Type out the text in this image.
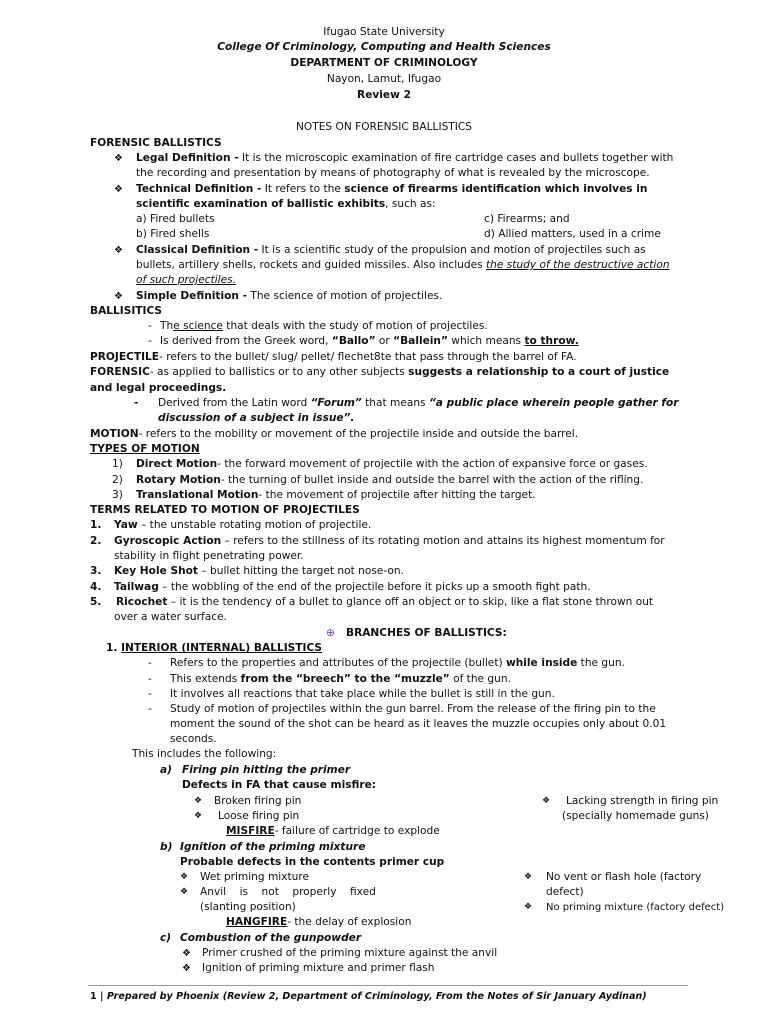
Ifugao State University
College Of Criminology, Computing and Health Sciences
DEPARTMENT OF CRIMINOLOGY
Nayon, Lamut, Ifugao
Review 2
NOTES ON FORENSIC BALLISTICS
FORENSIC BALLISTICS
❖ Legal Definition - It is the microscopic examination of fire cartridge cases and bullets together with
the recording and presentation by means of photography of what is revealed by the microscope.
❖ Technical Definition - It refers to the science of firearms identification which involves in
scientific examination of ballistic exhibits, such as:
a) Fired bullets	c) Firearms; and
b) Fired shells	d) Allied matters, used in a crime
❖ Classical Definition - It is a scientific study of the propulsion and motion of projectiles such as
bullets, artillery shells, rockets and guided missiles. Also includes the study of the destructive action
of such projectiles.
❖ Simple Definition - The science of motion of projectiles.
BALLISITICS
- The science that deals with the study of motion of projectiles.
- Is derived from the Greek word, “Ballo” or “Ballein” which means to throw.
PROJECTILE- refers to the bullet/ slug/ pellet/ flechet8te that pass through the barrel of FA.
FORENSIC- as applied to ballistics or to any other subjects suggests a relationship to a court of justice
and legal proceedings.
- Derived from the Latin word “Forum” that means “a public place wherein people gather for
discussion of a subject in issue”.
MOTION- refers to the mobility or movement of the projectile inside and outside the barrel.
TYPES OF MOTION
1) Direct Motion- the forward movement of projectile with the action of expansive force or gases.
2) Rotary Motion- the turning of bullet inside and outside the barrel with the action of the rifling.
3) Translational Motion- the movement of projectile after hitting the target.
TERMS RELATED TO MOTION OF PROJECTILES
1. Yaw – the unstable rotating motion of projectile.
2. Gyroscopic Action – refers to the stillness of its rotating motion and attains its highest momentum for
stability in flight penetrating power.
3. Key Hole Shot – bullet hitting the target not nose-on.
4. Tailwag – the wobbling of the end of the projectile before it picks up a smooth fight path.
5. Ricochet – it is the tendency of a bullet to glance off an object or to skip, like a flat stone thrown out
over a water surface.
⊕ BRANCHES OF BALLISTICS:
1. INTERIOR (INTERNAL) BALLISTICS
- Refers to the properties and attributes of the projectile (bullet) while inside the gun.
- This extends from the “breech” to the “muzzle” of the gun.
- It involves all reactions that take place while the bullet is still in the gun.
- Study of motion of projectiles within the gun barrel. From the release of the firing pin to the
moment the sound of the shot can be heard as it leaves the muzzle occupies only about 0.01
seconds.
This includes the following:
a) Firing pin hitting the primer
Defects in FA that cause misfire:
❖ Broken firing pin
❖ Loose firing pin
❖ Lacking strength in firing pin
(specially homemade guns)
MISFIRE- failure of cartridge to explode
b) Ignition of the priming mixture
Probable defects in the contents primer cup
❖ Wet priming mixture
❖ Anvil    is    not    properly    fixed
(slanting position)
❖ No vent or flash hole (factory
defect)
❖ No priming mixture (factory defect)
HANGFIRE- the delay of explosion
c) Combustion of the gunpowder
❖ Primer crushed of the priming mixture against the anvil
❖ Ignition of priming mixture and primer flash
1 | Prepared by Phoenix (Review 2, Department of Criminology, From the Notes of Sir January Aydinan)
